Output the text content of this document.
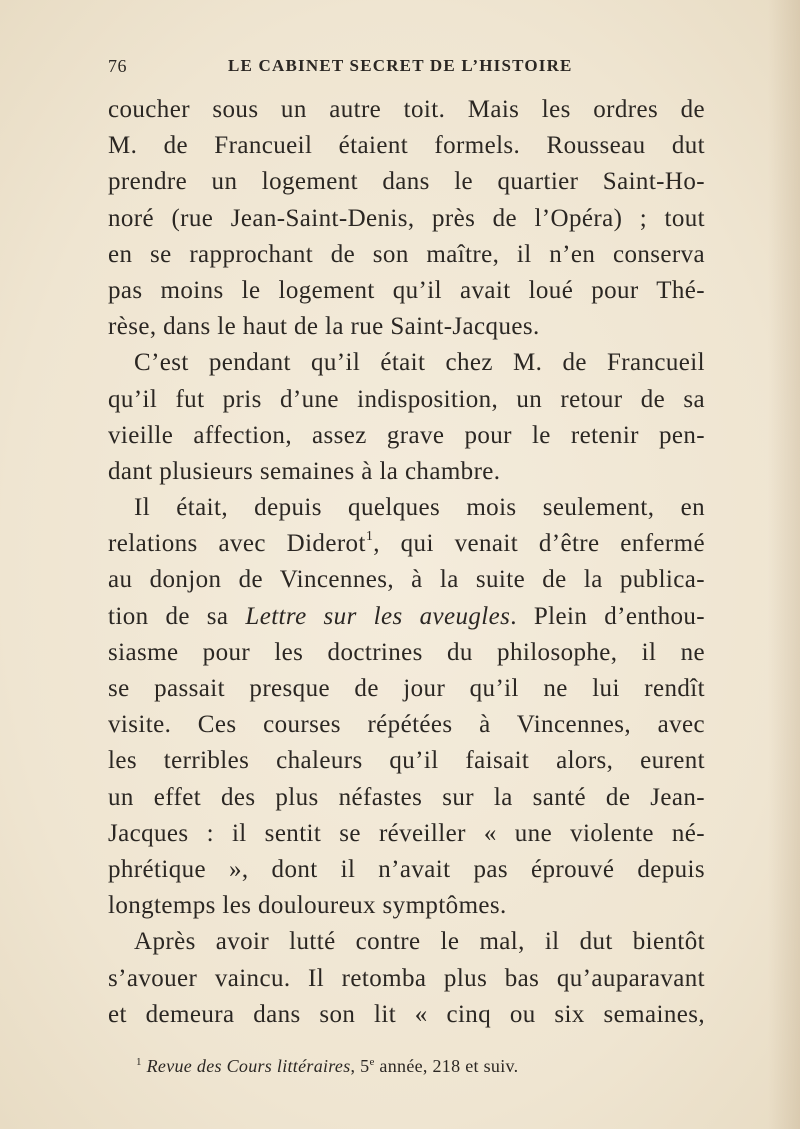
76	LE CABINET SECRET DE L’HISTOIRE
coucher sous un autre toit. Mais les ordres de
M. de Francueil étaient formels. Rousseau dut
prendre un logement dans le quartier Saint-Ho-
noré (rue Jean-Saint-Denis, près de l’Opéra) ; tout
en se rapprochant de son maître, il n’en conserva
pas moins le logement qu’il avait loué pour Thé-
rèse, dans le haut de la rue Saint-Jacques.
C’est pendant qu’il était chez M. de Francueil
qu’il fut pris d’une indisposition, un retour de sa
vieille affection, assez grave pour le retenir pen-
dant plusieurs semaines à la chambre.
Il était, depuis quelques mois seulement, en
relations avec Diderot$^1$, qui venait d’être enfermé
au donjon de Vincennes, à la suite de la publica-
tion de sa Lettre sur les aveugles. Plein d’enthou-
siasme pour les doctrines du philosophe, il ne
se passait presque de jour qu’il ne lui rendît
visite. Ces courses répétées à Vincennes, avec
les terribles chaleurs qu’il faisait alors, eurent
un effet des plus néfastes sur la santé de Jean-
Jacques : il sentit se réveiller « une violente né-
phrétique », dont il n’avait pas éprouvé depuis
longtemps les douloureux symptômes.
Après avoir lutté contre le mal, il dut bientôt
s’avouer vaincu. Il retomba plus bas qu’auparavant
et demeura dans son lit « cinq ou six semaines,
$^1$ Revue des Cours littéraires, 5e année, 218 et suiv.
